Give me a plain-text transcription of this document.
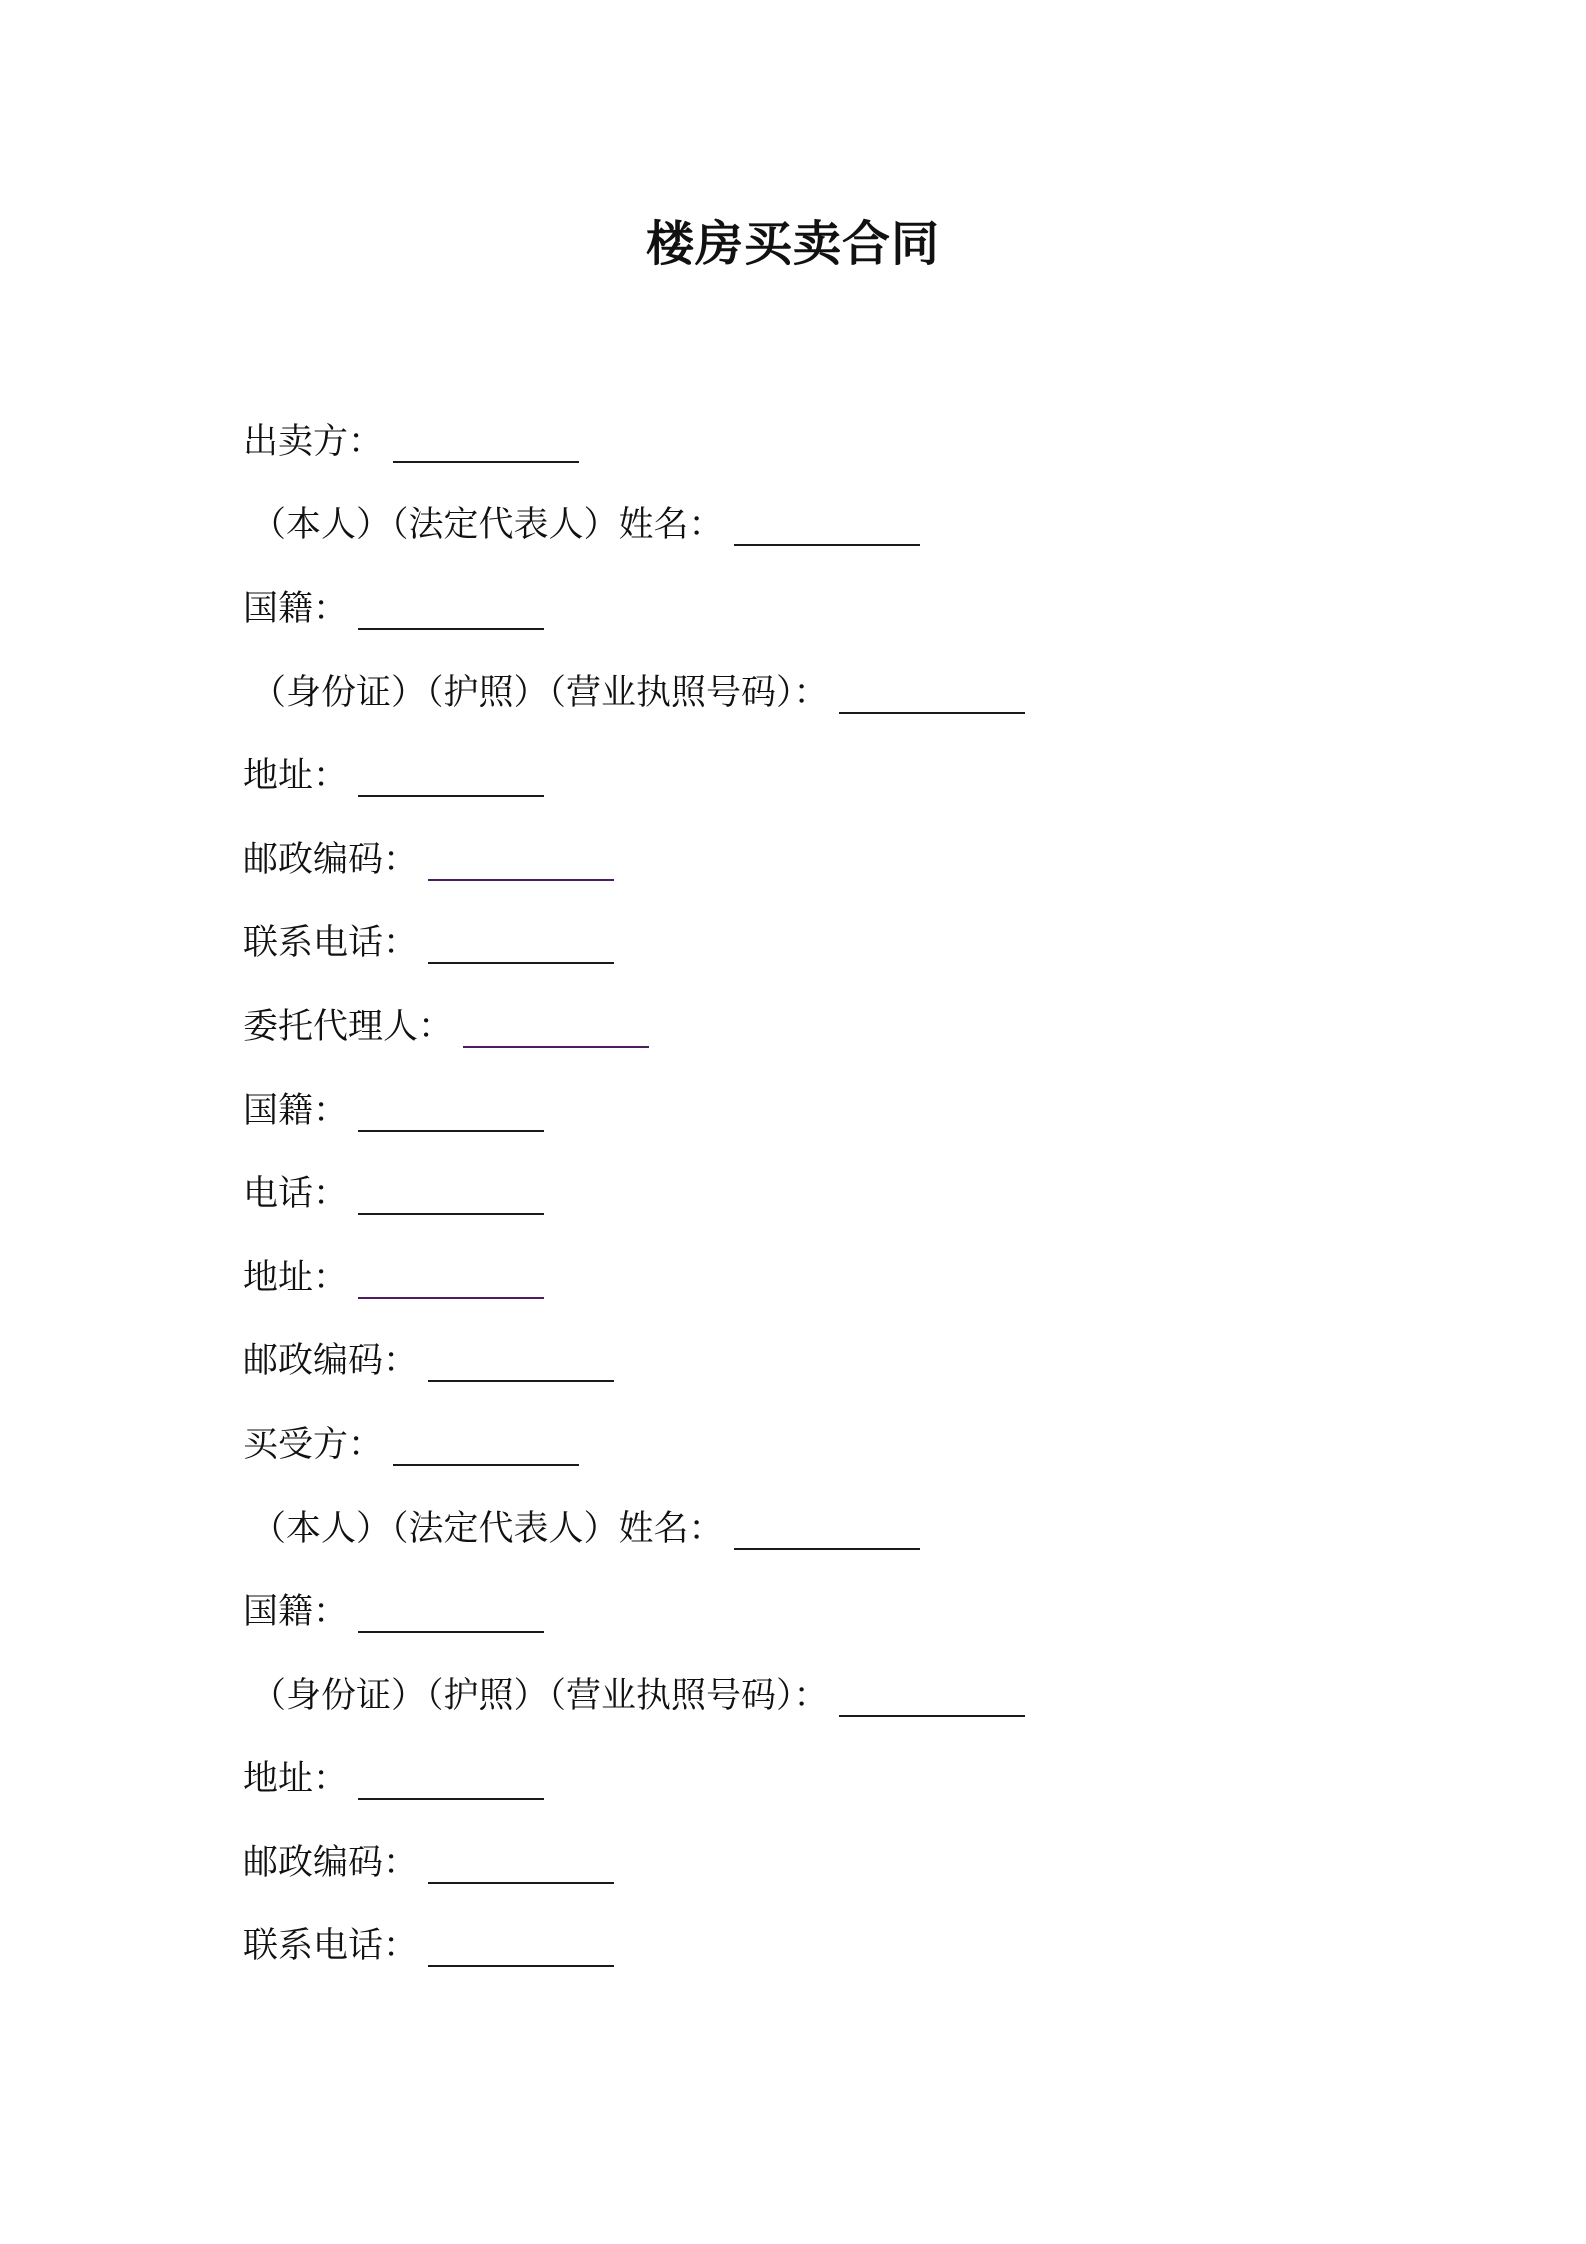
楼房买卖合同
出卖方：
（本人）（法定代表人）姓名：
国籍：
（身份证）（护照）（营业执照号码）：
地址：
邮政编码：
联系电话：
委托代理人：
国籍：
电话：
地址：
邮政编码：
买受方：
（本人）（法定代表人）姓名：
国籍：
（身份证）（护照）（营业执照号码）：
地址：
邮政编码：
联系电话：
